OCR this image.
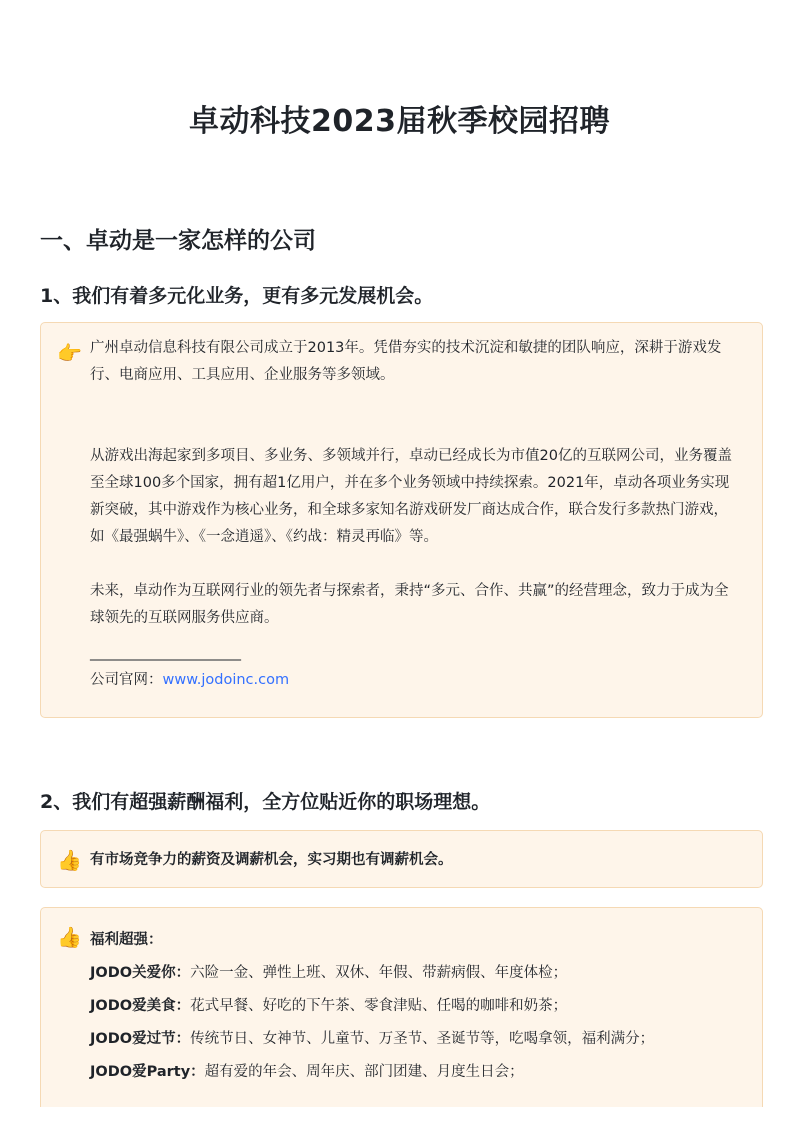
卓动科技2023届秋季校园招聘
一、卓动是一家怎样的公司
1、我们有着多元化业务，更有多元发展机会。
👉 广州卓动信息科技有限公司成立于2013年。凭借夯实的技术沉淀和敏捷的团队响应，深耕于游戏发行、电商应用、工具应用、企业服务等多领域。

从游戏出海起家到多项目、多业务、多领域并行，卓动已经成长为市值20亿的互联网公司，业务覆盖至全球100多个国家，拥有超1亿用户，并在多个业务领域中持续探索。2021年，卓动各项业务实现新突破，其中游戏作为核心业务，和全球多家知名游戏研发厂商达成合作，联合发行多款热门游戏，如《最强蜗牛》、《一念逍遥》、《约战：精灵再临》等。

未来，卓动作为互联网行业的领先者与探索者，秉持“多元、合作、共赢”的经营理念，致力于成为全球领先的互联网服务供应商。

________________________

公司官网：www.jodoinc.com

2、我们有超强薪酬福利，全方位贴近你的职场理想。
👍 有市场竞争力的薪资及调薪机会，实习期也有调薪机会。
👍 福利超强：

JODO关爱你：六险一金、弹性上班、双休、年假、带薪病假、年度体检；

JODO爱美食：花式早餐、好吃的下午茶、零食津贴、任喝的咖啡和奶茶；

JODO爱过节：传统节日、女神节、儿童节、万圣节、圣诞节等，吃喝拿领，福利满分；

JODO爱Party：超有爱的年会、周年庆、部门团建、月度生日会；
